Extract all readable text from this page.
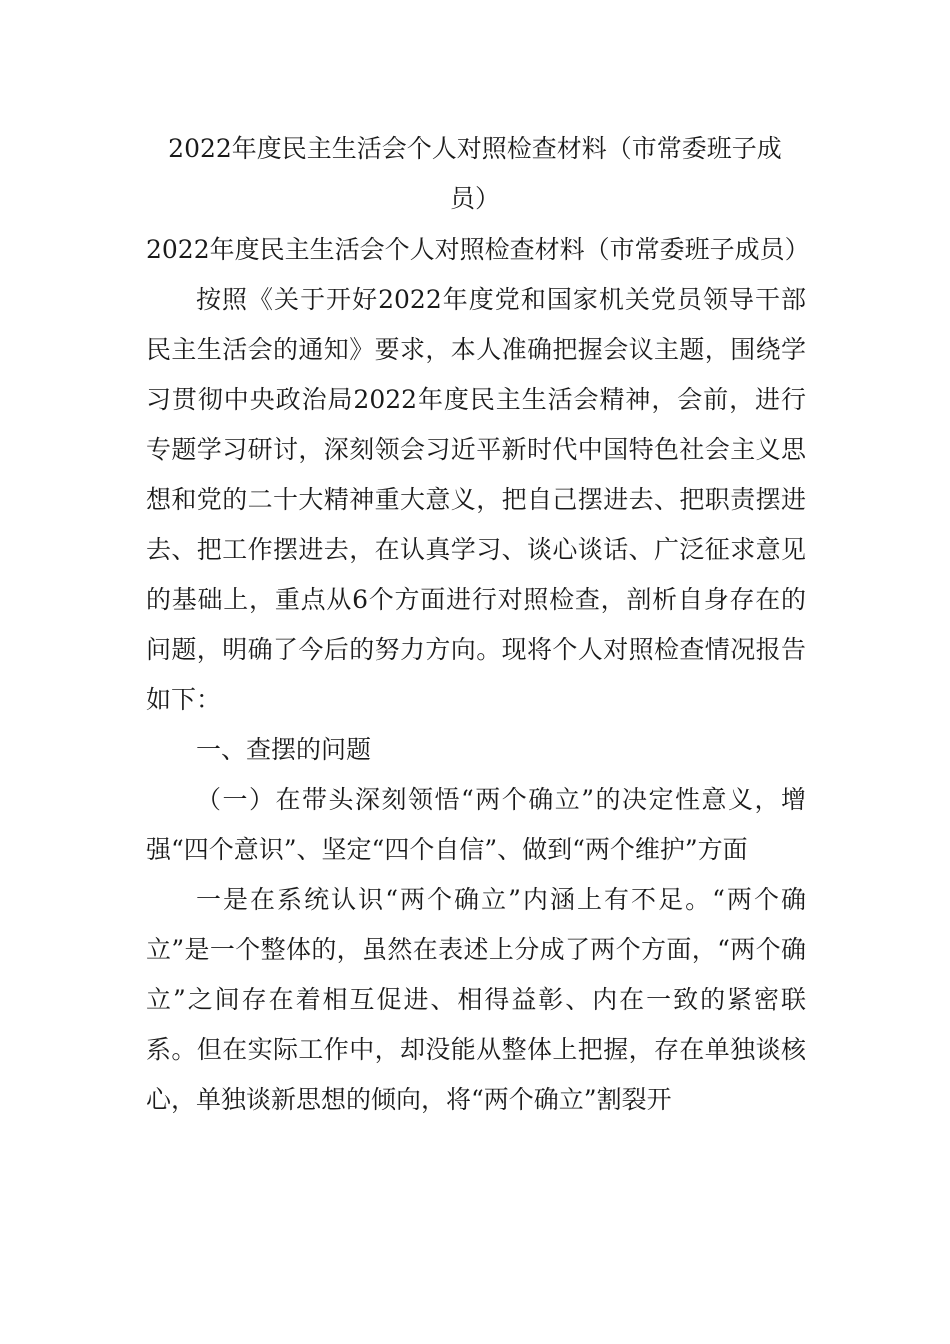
2022年度民主生活会个人对照检查材料（市常委班子成员）

2022年度民主生活会个人对照检查材料（市常委班子成员）

按照《关于开好2022年度党和国家机关党员领导干部民主生活会的通知》要求，本人准确把握会议主题，围绕学习贯彻中央政治局2022年度民主生活会精神，会前，进行专题学习研讨，深刻领会习近平新时代中国特色社会主义思想和党的二十大精神重大意义，把自己摆进去、把职责摆进去、把工作摆进去，在认真学习、谈心谈话、广泛征求意见的基础上，重点从6个方面进行对照检查，剖析自身存在的问题，明确了今后的努力方向。现将个人对照检查情况报告如下：

一、查摆的问题

（一）在带头深刻领悟“两个确立”的决定性意义，增强“四个意识”、坚定“四个自信”、做到“两个维护”方面

一是在系统认识“两个确立”内涵上有不足。“两个确立”是一个整体的，虽然在表述上分成了两个方面，“两个确立”之间存在着相互促进、相得益彰、内在一致的紧密联系。但在实际工作中，却没能从整体上把握，存在单独谈核心，单独谈新思想的倾向，将“两个确立”割裂开
